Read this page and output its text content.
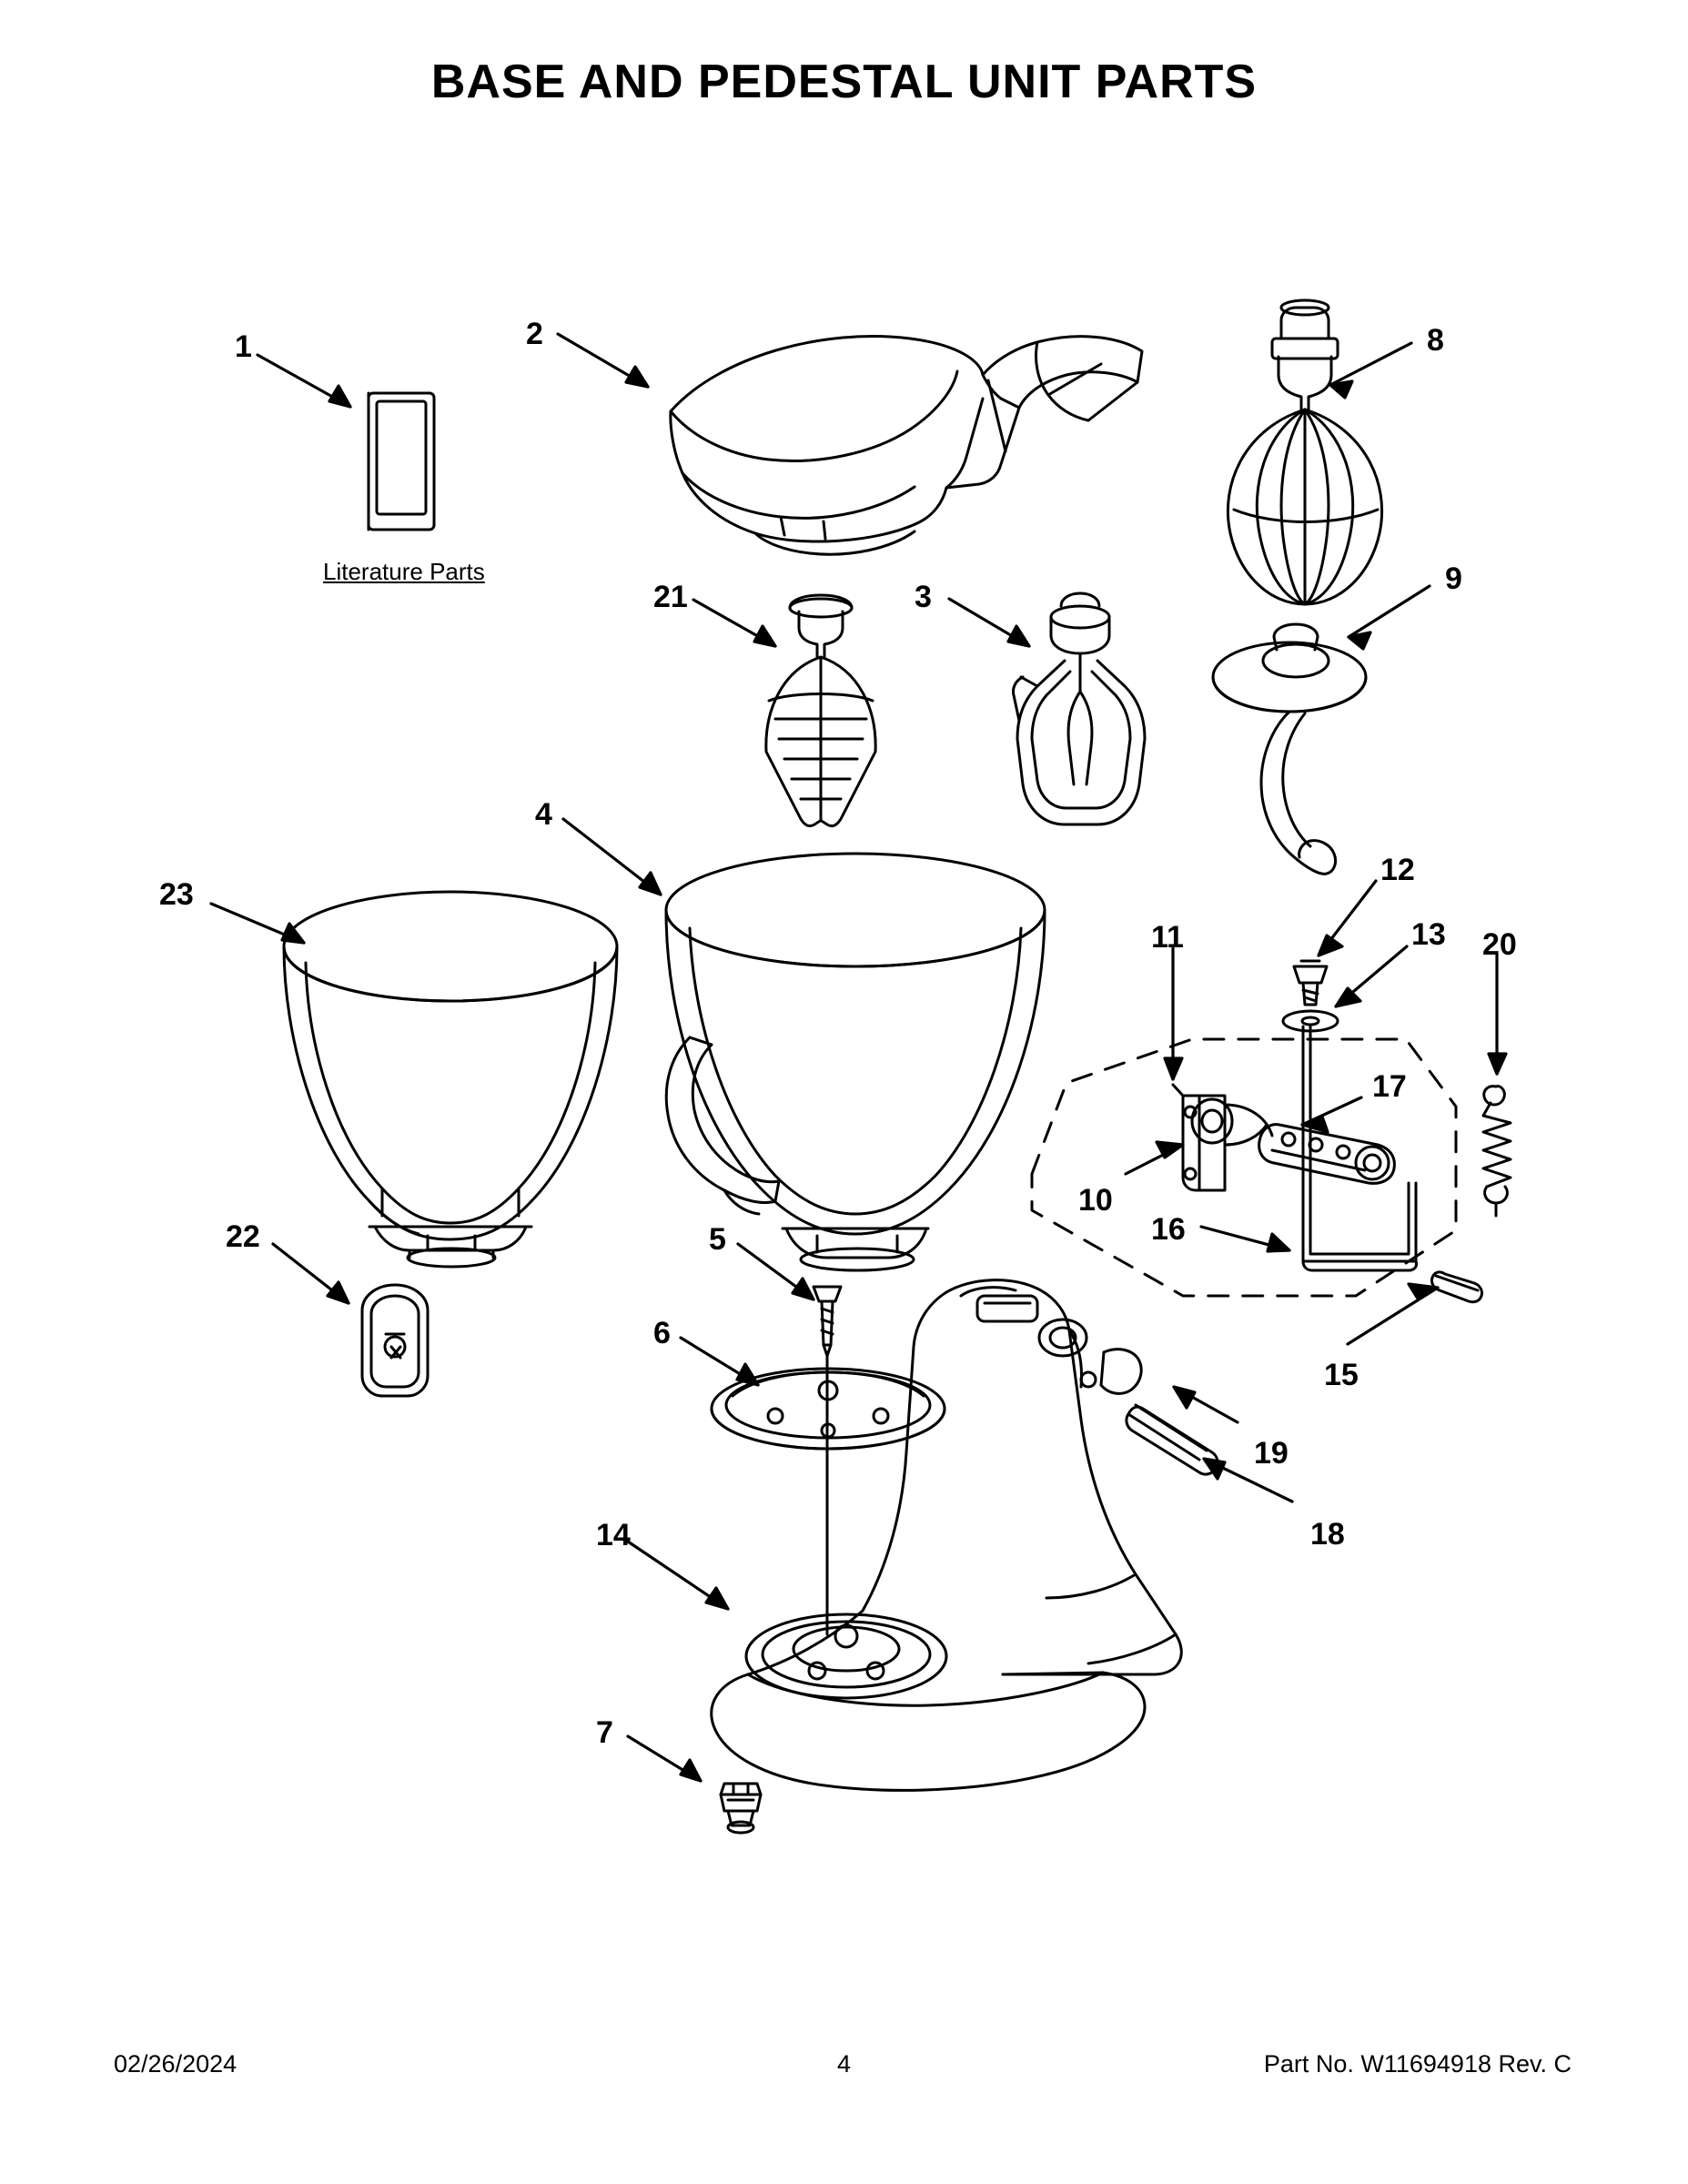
BASE AND PEDESTAL UNIT PARTS
1	2	8
21	3
9
4
23
12
11	13 20
17
10
16
22	5
15
6
19
18
14
7
Literature Parts
02/26/2024	4	Part No. W11694918 Rev. C
